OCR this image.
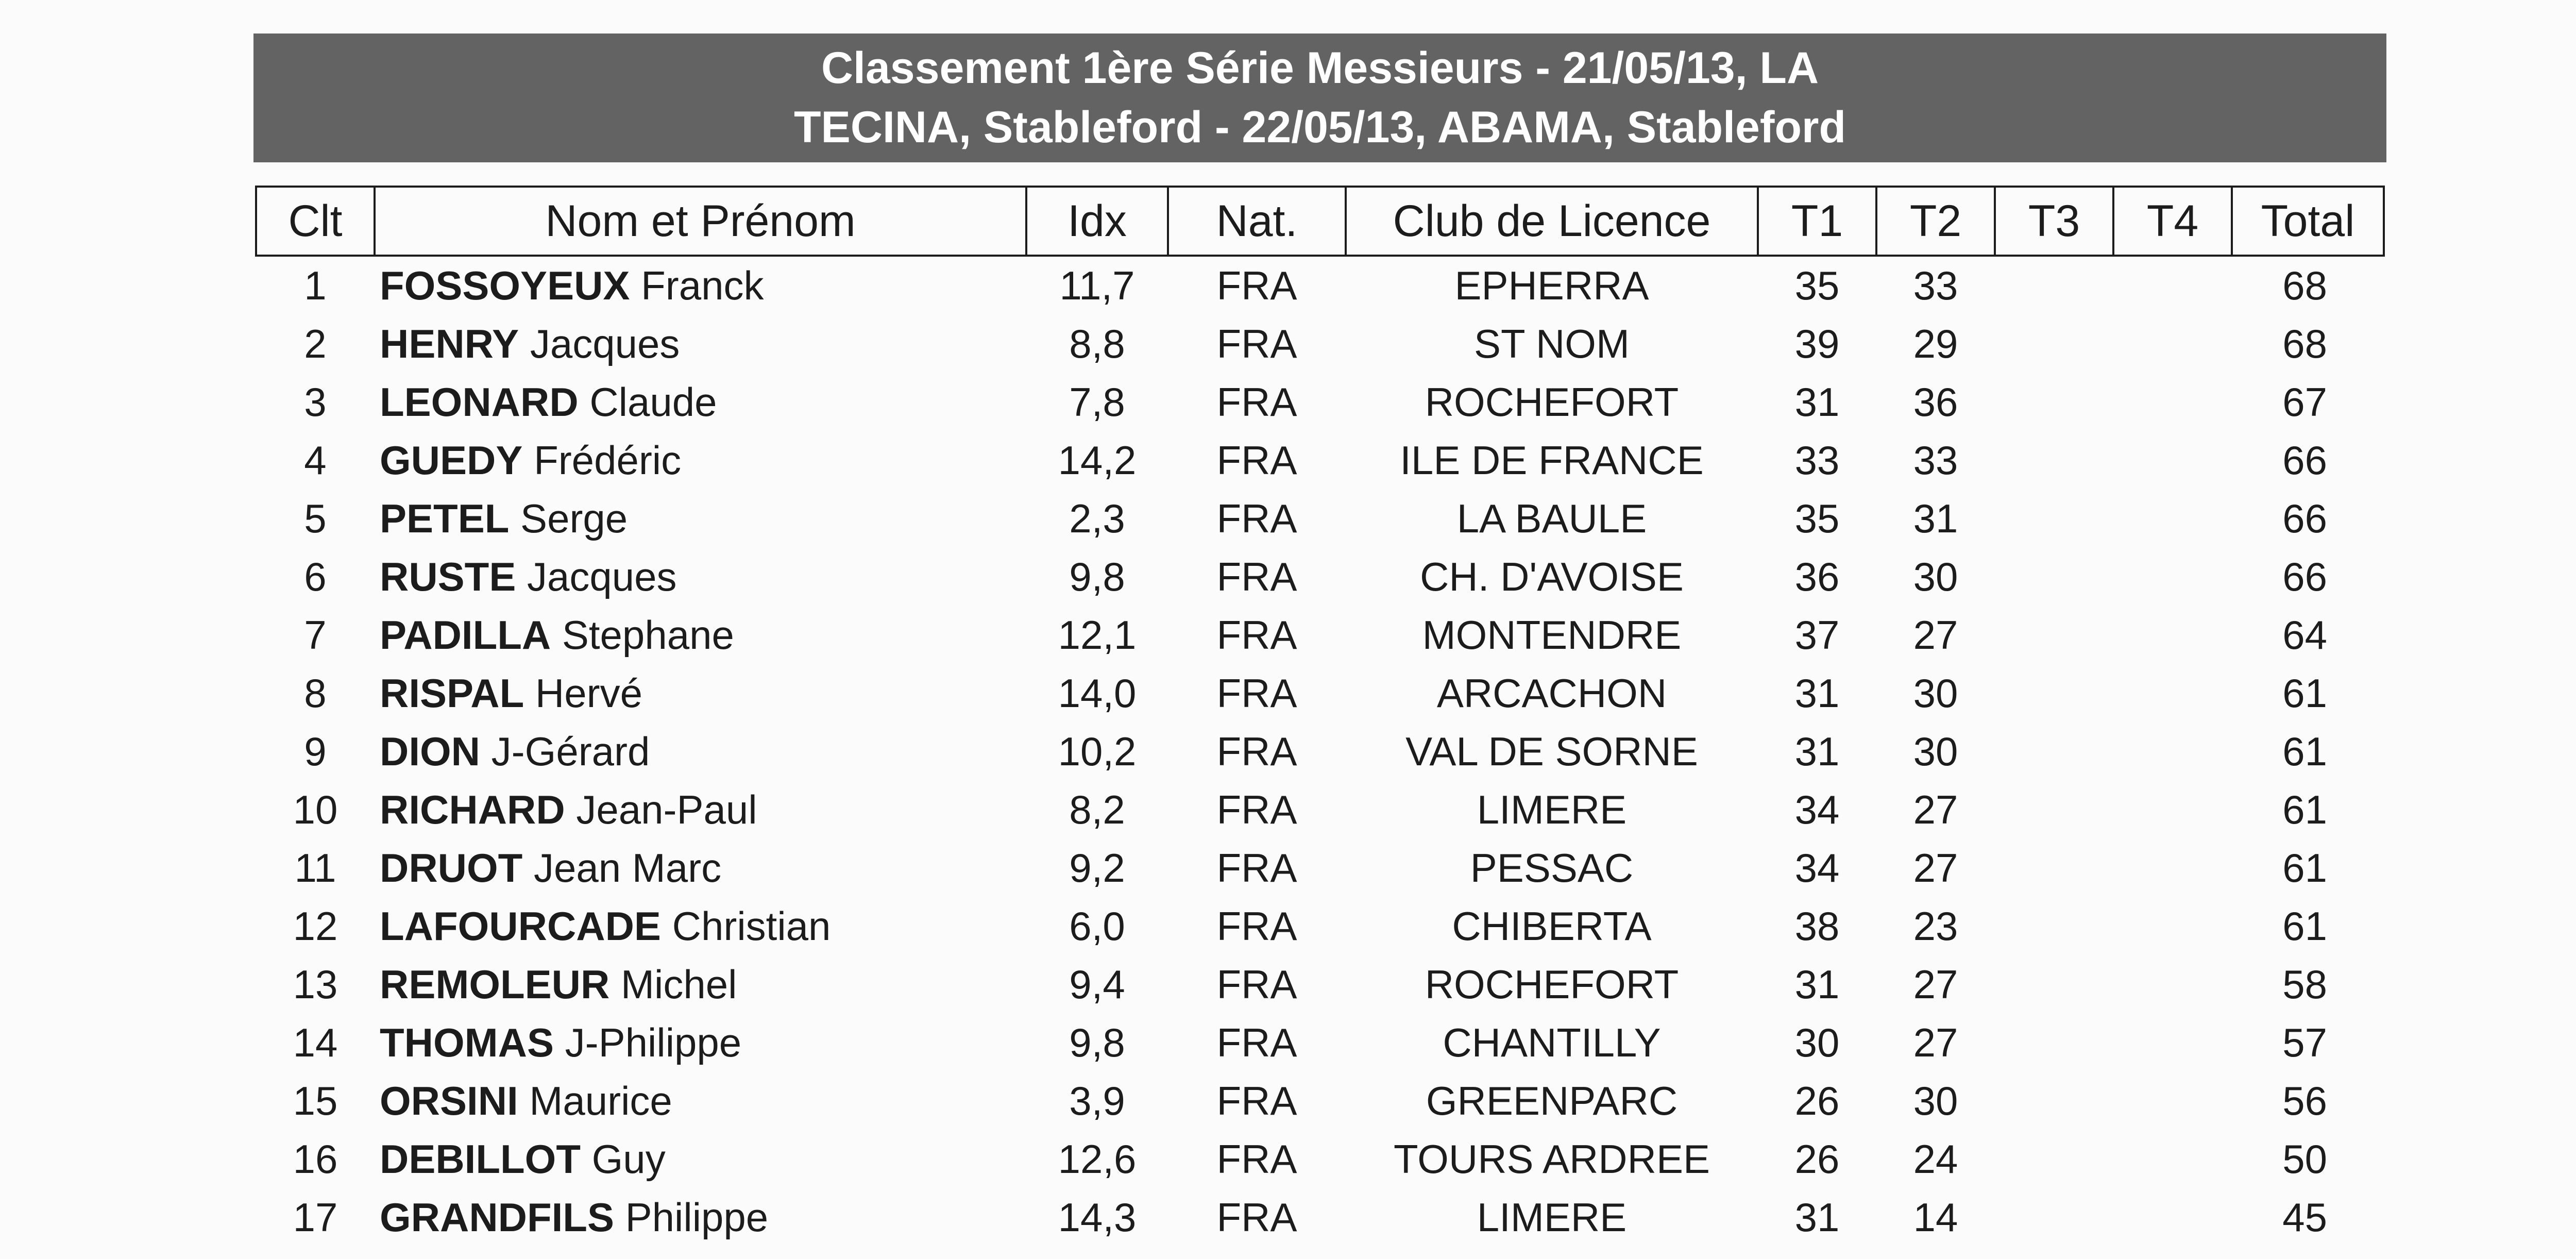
Classement 1ère Série Messieurs - 21/05/13, LA
TECINA, Stableford - 22/05/13, ABAMA, Stableford
Clt	Nom et Prénom	Idx	Nat.	Club de Licence	T1	T2	T3	T4	Total
1	FOSSOYEUX Franck	11,7	FRA	EPHERRA	35	33			68
2	HENRY Jacques	8,8	FRA	ST NOM	39	29			68
3	LEONARD Claude	7,8	FRA	ROCHEFORT	31	36			67
4	GUEDY Frédéric	14,2	FRA	ILE DE FRANCE	33	33			66
5	PETEL Serge	2,3	FRA	LA BAULE	35	31			66
6	RUSTE Jacques	9,8	FRA	CH. D'AVOISE	36	30			66
7	PADILLA Stephane	12,1	FRA	MONTENDRE	37	27			64
8	RISPAL Hervé	14,0	FRA	ARCACHON	31	30			61
9	DION J-Gérard	10,2	FRA	VAL DE SORNE	31	30			61
10	RICHARD Jean-Paul	8,2	FRA	LIMERE	34	27			61
11	DRUOT Jean Marc	9,2	FRA	PESSAC	34	27			61
12	LAFOURCADE Christian	6,0	FRA	CHIBERTA	38	23			61
13	REMOLEUR Michel	9,4	FRA	ROCHEFORT	31	27			58
14	THOMAS J-Philippe	9,8	FRA	CHANTILLY	30	27			57
15	ORSINI Maurice	3,9	FRA	GREENPARC	26	30			56
16	DEBILLOT Guy	12,6	FRA	TOURS ARDREE	26	24			50
17	GRANDFILS Philippe	14,3	FRA	LIMERE	31	14			45
